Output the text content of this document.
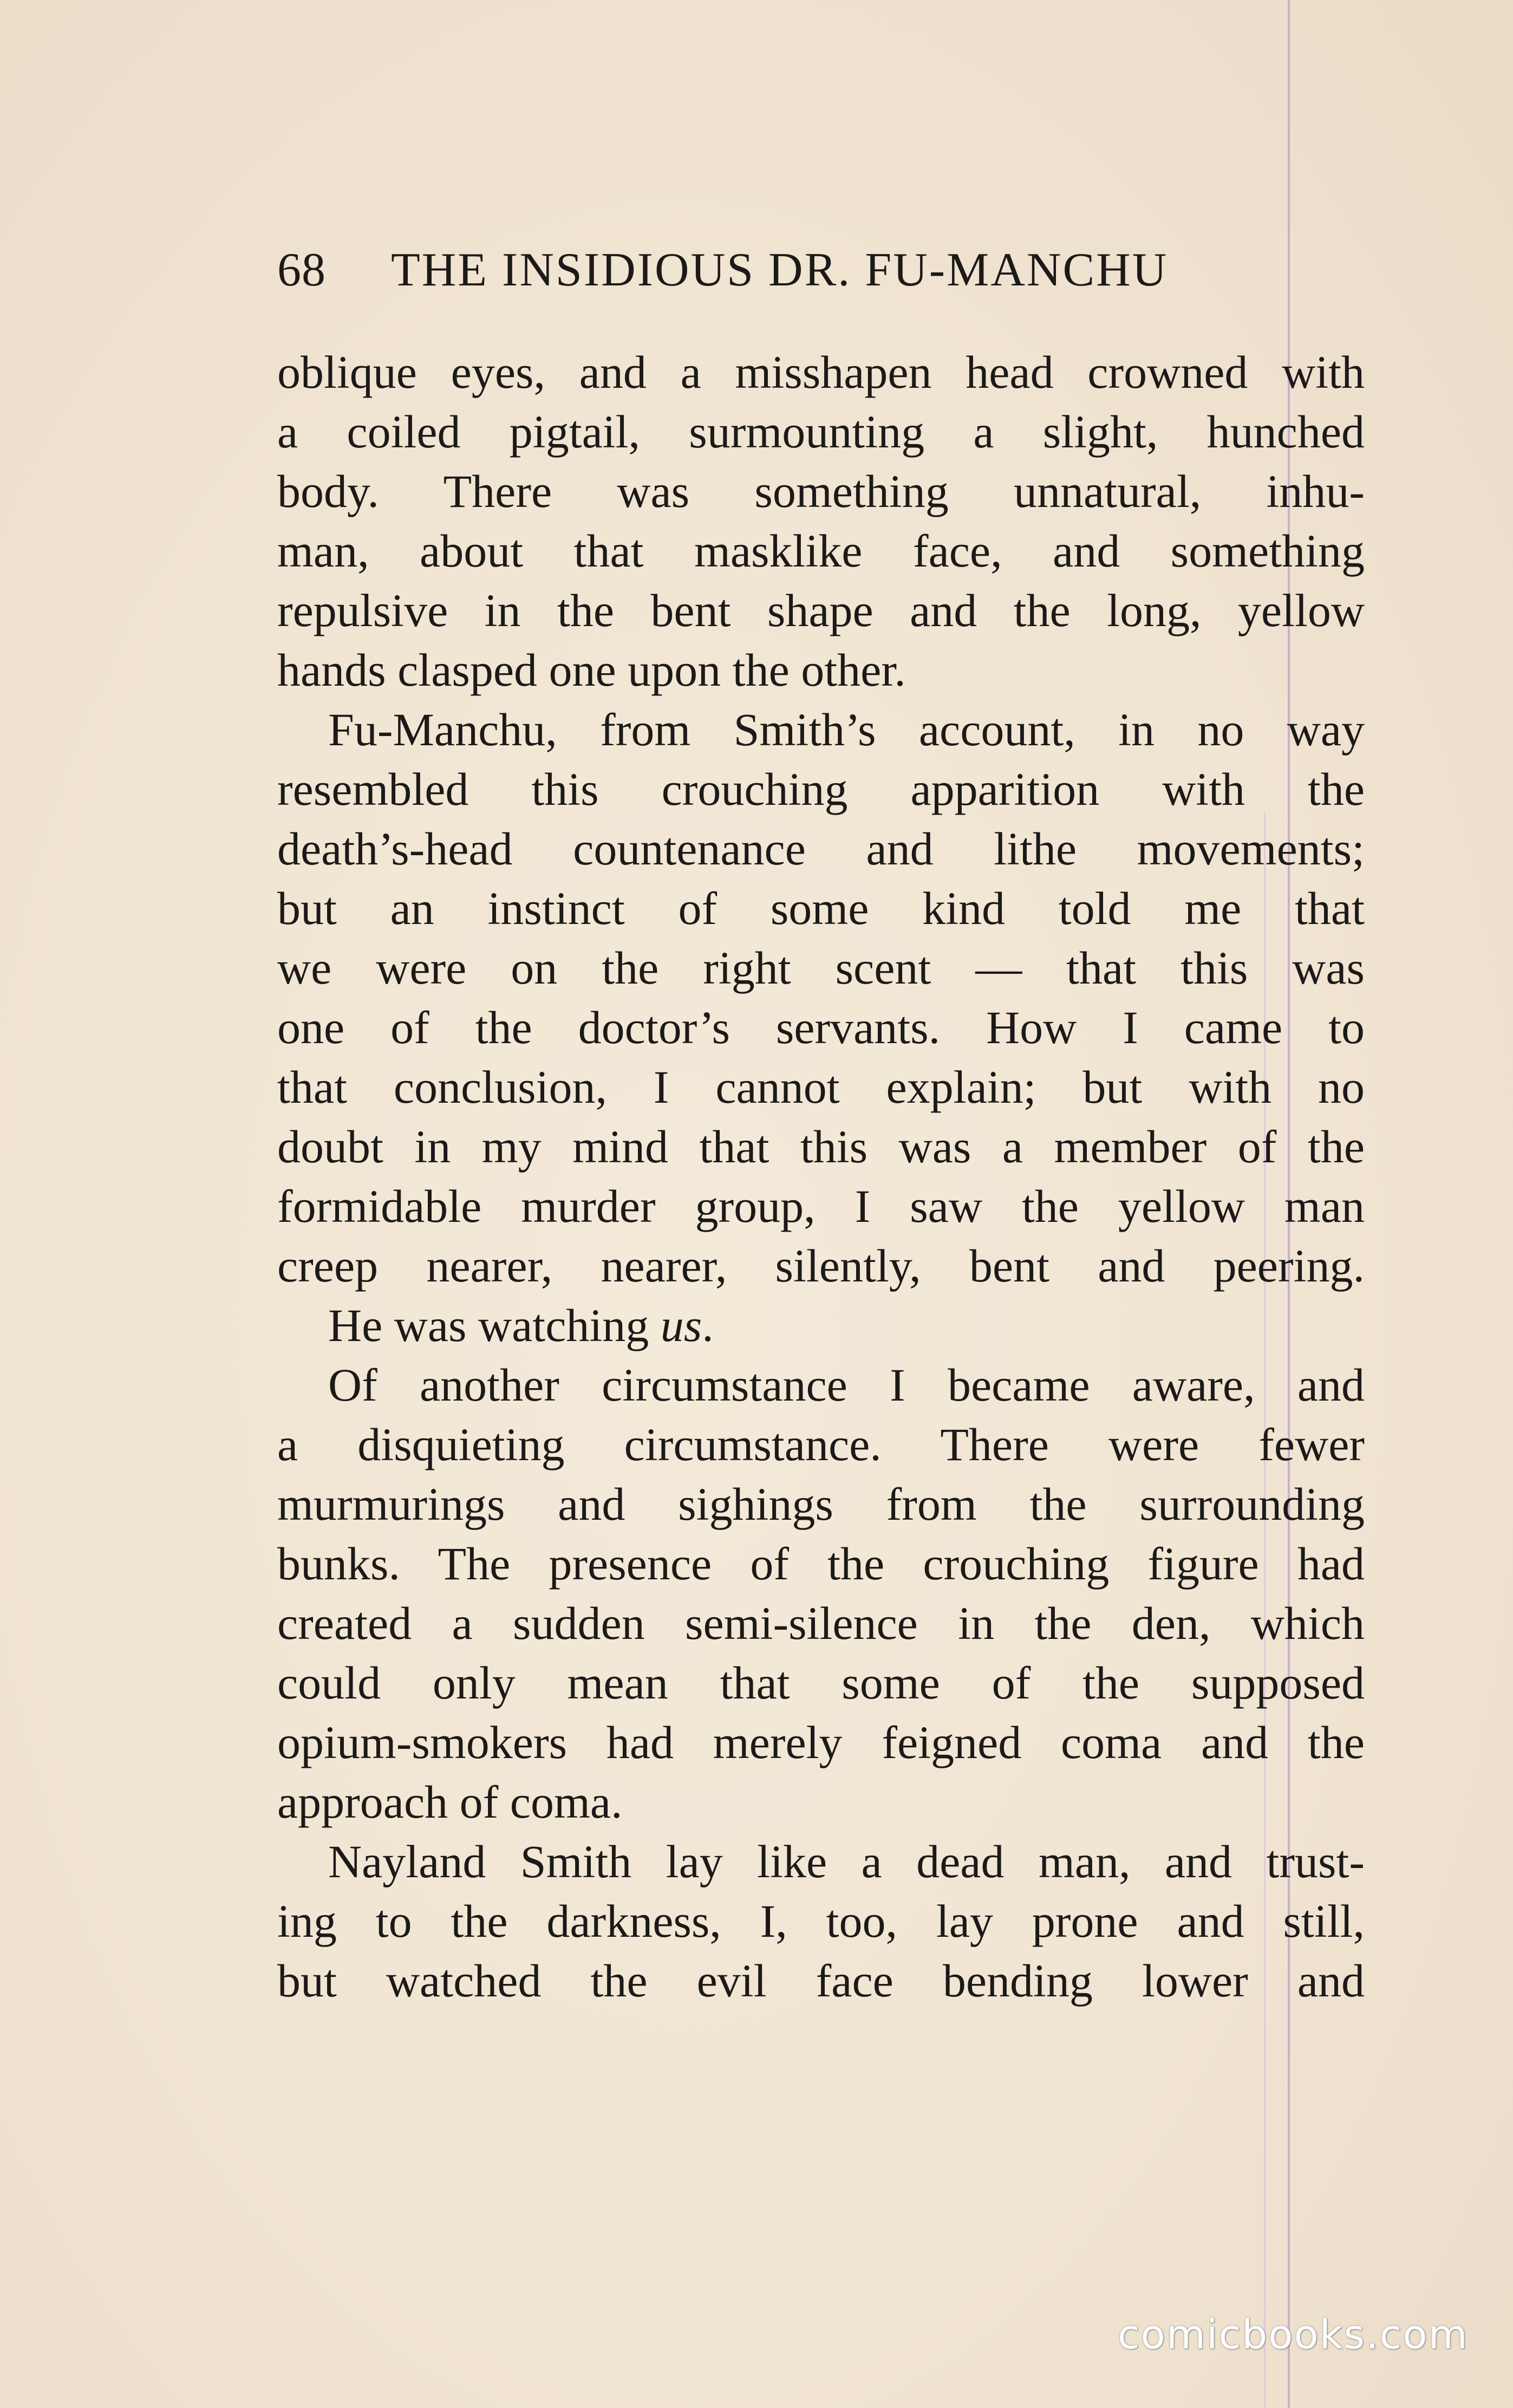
68	THE INSIDIOUS DR. FU-MANCHU
oblique eyes, and a misshapen head crowned with
a coiled pigtail, surmounting a slight, hunched
body. There was something unnatural, inhu-
man, about that masklike face, and something
repulsive in the bent shape and the long, yellow
hands clasped one upon the other.
Fu-Manchu, from Smith’s account, in no way
resembled this crouching apparition with the
death’s-head countenance and lithe movements;
but an instinct of some kind told me that
we were on the right scent — that this was
one of the doctor’s servants. How I came to
that conclusion, I cannot explain; but with no
doubt in my mind that this was a member of the
formidable murder group, I saw the yellow man
creep nearer, nearer, silently, bent and peering.
He was watching us.
Of another circumstance I became aware, and
a disquieting circumstance. There were fewer
murmurings and sighings from the surrounding
bunks. The presence of the crouching figure had
created a sudden semi-silence in the den, which
could only mean that some of the supposed
opium-smokers had merely feigned coma and the
approach of coma.
Nayland Smith lay like a dead man, and trust-
ing to the darkness, I, too, lay prone and still,
but watched the evil face bending lower and
comicbooks.com
